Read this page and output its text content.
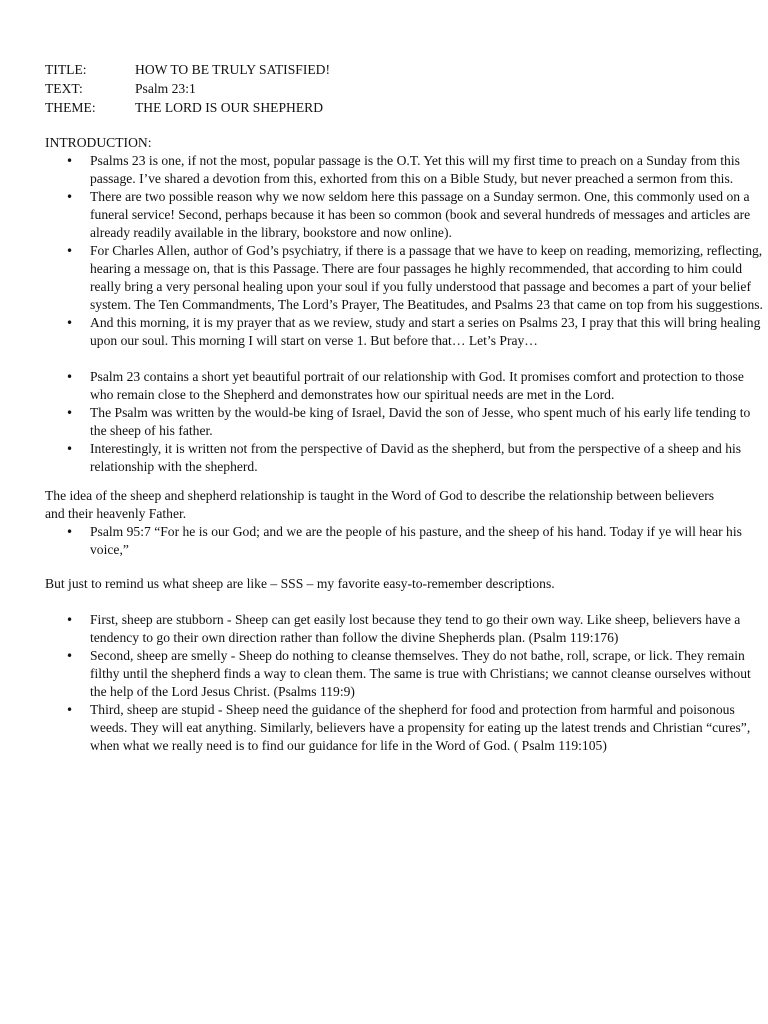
TITLE:	HOW TO BE TRULY SATISFIED!
TEXT:	Psalm 23:1
THEME:	THE LORD IS OUR SHEPHERD
INTRODUCTION:
• Psalms 23 is one, if not the most, popular passage is the O.T. Yet this will my first time to preach on a Sunday from this passage. I’ve shared a devotion from this, exhorted from this on a Bible Study, but never preached a sermon from this.
• There are two possible reason why we now seldom here this passage on a Sunday sermon. One, this commonly used on a funeral service! Second, perhaps because it has been so common (book and several hundreds of messages and articles are already readily available in the library, bookstore and now online).
• For Charles Allen, author of God’s psychiatry, if there is a passage that we have to keep on reading, memorizing, reflecting, hearing a message on, that is this Passage. There are four passages he highly recommended, that according to him could really bring a very personal healing upon your soul if you fully understood that passage and becomes a part of your belief system. The Ten Commandments, The Lord’s Prayer, The Beatitudes, and Psalms 23 that came on top from his suggestions.
• And this morning, it is my prayer that as we review, study and start a series on Psalms 23, I pray that this will bring healing upon our soul. This morning I will start on verse 1. But before that… Let’s Pray…
• Psalm 23 contains a short yet beautiful portrait of our relationship with God. It promises comfort and protection to those who remain close to the Shepherd and demonstrates how our spiritual needs are met in the Lord.
• The Psalm was written by the would-be king of Israel, David the son of Jesse, who spent much of his early life tending to the sheep of his father.
• Interestingly, it is written not from the perspective of David as the shepherd, but from the perspective of a sheep and his relationship with the shepherd.

The idea of the sheep and shepherd relationship is taught in the Word of God to describe the relationship between believers and their heavenly Father.

• Psalm 95:7 “For he is our God; and we are the people of his pasture, and the sheep of his hand. Today if ye will hear his voice,”

But just to remind us what sheep are like – SSS – my favorite easy-to-remember descriptions.

• First, sheep are stubborn - Sheep can get easily lost because they tend to go their own way. Like sheep, believers have a tendency to go their own direction rather than follow the divine Shepherds plan. (Psalm 119:176)
• Second, sheep are smelly - Sheep do nothing to cleanse themselves. They do not bathe, roll, scrape, or lick. They remain filthy until the shepherd finds a way to clean them. The same is true with Christians; we cannot cleanse ourselves without the help of the Lord Jesus Christ. (Psalms 119:9)
• Third, sheep are stupid - Sheep need the guidance of the shepherd for food and protection from harmful and poisonous weeds. They will eat anything. Similarly, believers have a propensity for eating up the latest trends and Christian “cures”, when what we really need is to find our guidance for life in the Word of God. ( Psalm 119:105)
